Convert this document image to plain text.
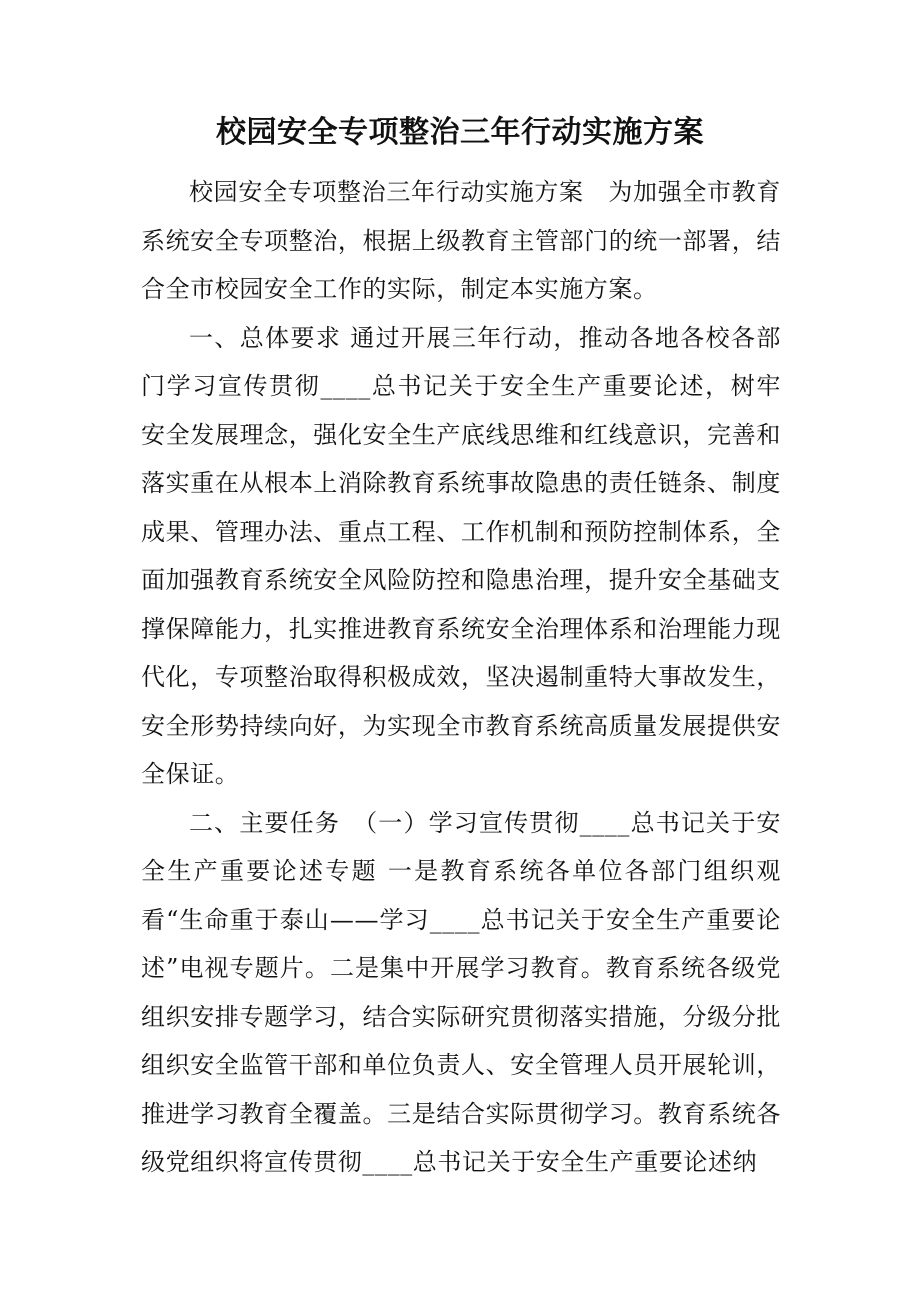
校园安全专项整治三年行动实施方案

校园安全专项整治三年行动实施方案　为加强全市教育系统安全专项整治，根据上级教育主管部门的统一部署，结合全市校园安全工作的实际，制定本实施方案。

一、总体要求 通过开展三年行动，推动各地各校各部门学习宣传贯彻____总书记关于安全生产重要论述，树牢安全发展理念，强化安全生产底线思维和红线意识，完善和落实重在从根本上消除教育系统事故隐患的责任链条、制度成果、管理办法、重点工程、工作机制和预防控制体系，全面加强教育系统安全风险防控和隐患治理，提升安全基础支撑保障能力，扎实推进教育系统安全治理体系和治理能力现代化，专项整治取得积极成效，坚决遏制重特大事故发生，安全形势持续向好，为实现全市教育系统高质量发展提供安全保证。

二、主要任务　（一）学习宣传贯彻____总书记关于安全生产重要论述专题 一是教育系统各单位各部门组织观看“生命重于泰山——学习____总书记关于安全生产重要论述”电视专题片。二是集中开展学习教育。教育系统各级党组织安排专题学习，结合实际研究贯彻落实措施，分级分批组织安全监管干部和单位负责人、安全管理人员开展轮训，推进学习教育全覆盖。三是结合实际贯彻学习。教育系统各级党组织将宣传贯彻____总书记关于安全生产重要论述纳
